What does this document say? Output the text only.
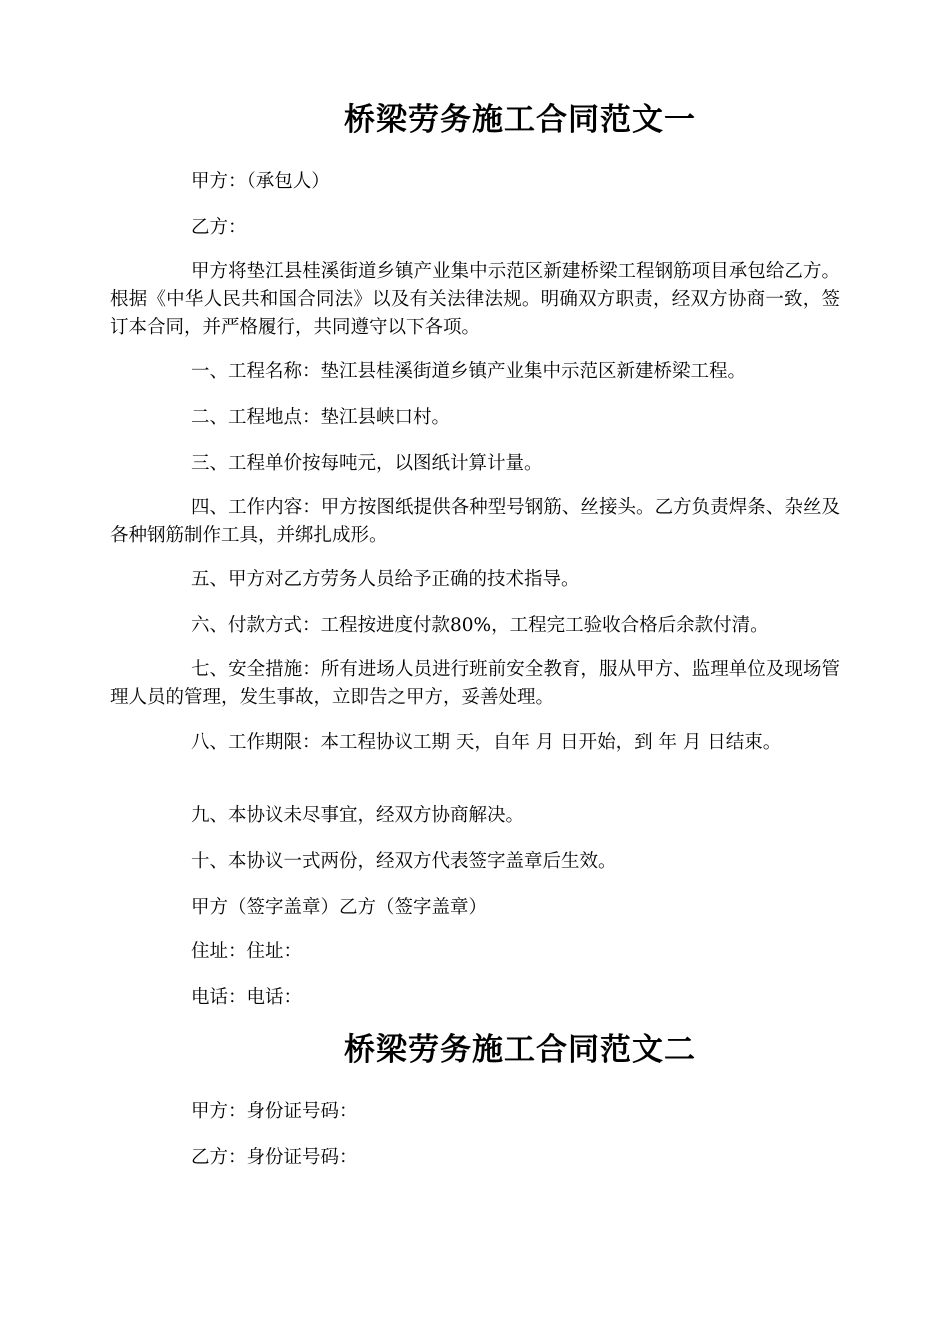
桥梁劳务施工合同范文一

甲方：（承包人）

乙方：

甲方将垫江县桂溪街道乡镇产业集中示范区新建桥梁工程钢筋项目承包给乙方。根据《中华人民共和国合同法》以及有关法律法规。明确双方职责，经双方协商一致，签订本合同，并严格履行，共同遵守以下各项。

一、工程名称：垫江县桂溪街道乡镇产业集中示范区新建桥梁工程。

二、工程地点：垫江县峡口村。

三、工程单价按每吨元，以图纸计算计量。

四、工作内容：甲方按图纸提供各种型号钢筋、丝接头。乙方负责焊条、杂丝及各种钢筋制作工具，并绑扎成形。

五、甲方对乙方劳务人员给予正确的技术指导。

六、付款方式：工程按进度付款80%，工程完工验收合格后余款付清。

七、安全措施：所有进场人员进行班前安全教育，服从甲方、监理单位及现场管理人员的管理，发生事故，立即告之甲方，妥善处理。

八、工作期限：本工程协议工期 天，自年 月 日开始，到 年 月 日结束。

九、本协议未尽事宜，经双方协商解决。

十、本协议一式两份，经双方代表签字盖章后生效。

甲方（签字盖章）乙方（签字盖章）

住址：住址：

电话：电话：

桥梁劳务施工合同范文二

甲方：身份证号码：

乙方：身份证号码：
